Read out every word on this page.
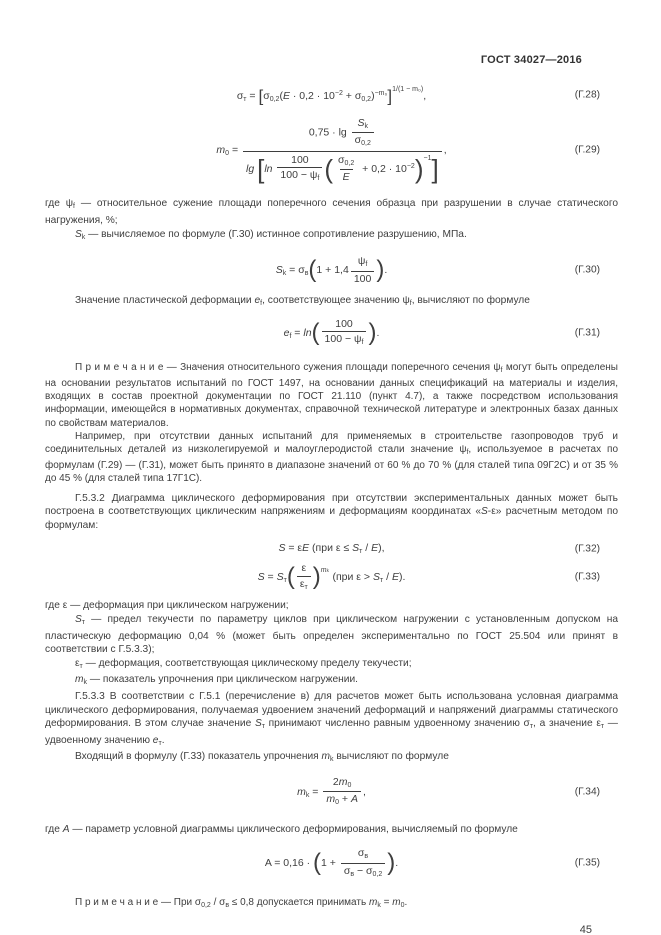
ГОСТ 34027—2016
$\sigma_т = [\sigma_{0,2}(E \cdot 0,2 \cdot 10^{-2} + \sigma_{0,2})^{-m_0}]^{1/(1 - m_0)}$,	(Г.28)
$m_0 = \frac{0,75 \cdot \lg \frac{S_k}{\sigma_{0,2}}}{\lg [\ln \frac{100}{100 - \psi_f} ( \frac{\sigma_{0,2}}{E} + 0,2 \cdot 10^{-2})^{-1}]}$ ,	(Г.29)

где $\psi_f$ — относительное сужение площади поперечного сечения образца при разрушении в случае статического нагружения, %;

$S_k$ — вычисляемое по формуле (Г.30) истинное сопротивление разрушению, МПа.

$S_k = \sigma_в(1 + 1,4 \frac{\psi_f}{100}$ ).	(Г.30)

Значение пластической деформации $e_f$, соответствующее значению $\psi_f$, вычисляют по формуле

$e_f = \ln( \frac{100}{100 - \psi_f}$ ).	(Г.31)

П р и м е ч а н и е — Значения относительного сужения площади поперечного сечения $\psi_f$ могут быть определены на основании результатов испытаний по ГОСТ 1497, на основании данных спецификаций на материалы и изделия, входящих в состав проектной документации по ГОСТ 21.110 (пункт 4.7), а также посредством использования информации, имеющейся в нормативных документах, справочной технической литературе и электронных базах данных по свойствам материалов.

Например, при отсутствии данных испытаний для применяемых в строительстве газопроводов труб и соединительных деталей из низколегируемой и малоуглеродистой стали значение $\psi_f$, используемое в расчетах по формулам (Г.29) — (Г.31), может быть принято в диапазоне значений от 60 % до 70 % (для сталей типа 09Г2С) и от 35 % до 45 % (для сталей типа 17Г1С).

Г.5.3.2 Диаграмма циклического деформирования при отсутствии экспериментальных данных может быть построена в соответствующих циклическим напряжениям и деформациям координатах «S-ε» расчетным методом по формулам:

S = εE (при $\varepsilon \le S_т / E$),	(Г.32)
$S = S_т( \frac{\varepsilon}{\varepsilon_т} )^{m_k}$ (при $\varepsilon > S_т / E$).	(Г.33)

где ε — деформация при циклическом нагружении;

$S_т$ — предел текучести по параметру циклов при циклическом нагружении с установленным допуском на пластическую деформацию 0,04 % (может быть определен экспериментально по ГОСТ 25.504 или принят в соответствии с Г.5.3.3);

$\varepsilon_т$ — деформация, соответствующая циклическому пределу текучести;

$m_k$ — показатель упрочнения при циклическом нагружении.

Г.5.3.3 В соответствии с Г.5.1 (перечисление в) для расчетов может быть использована условная диаграмма циклического деформирования, получаемая удвоением значений деформаций и напряжений диаграммы статического деформирования. В этом случае значение $S_т$ принимают численно равным удвоенному значению $\sigma_т$, а значение $\varepsilon_т$ — удвоенному значению $e_т$.

Входящий в формулу (Г.33) показатель упрочнения $m_k$ вычисляют по формуле

$m_k = \frac{2m_0}{m_0 + A}$ ,	(Г.34)

где A — параметр условной диаграммы циклического деформирования, вычисляемый по формуле

$A = 0,16 \cdot (1 + \frac{\sigma_в}{\sigma_в - \sigma_{0,2}}$ ).	(Г.35)

П р и м е ч а н и е — При $\sigma_{0,2} / \sigma_в \le 0,8$ допускается принимать $m_k = m_0$.

45
